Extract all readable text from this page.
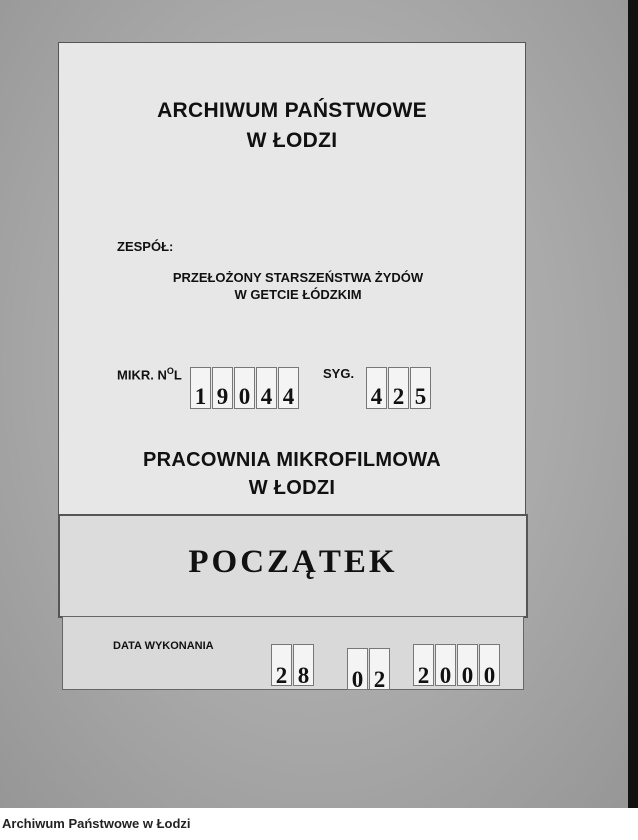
ARCHIWUM PAŃSTWOWE
W ŁODZI
ZESPÓŁ:
PRZEŁOŻONY STARSZEŃSTWA ŻYDÓW
W GETCIE ŁÓDZKIM
MIKR. $N^OL$
1 9 0 4 4
SYG.
4 2 5
PRACOWNIA MIKROFILMOWA
W ŁODZI
POCZĄTEK
DATA WYKONANIA
2 8 0 2 2 0 0 0
Archiwum Państwowe w Łodzi
